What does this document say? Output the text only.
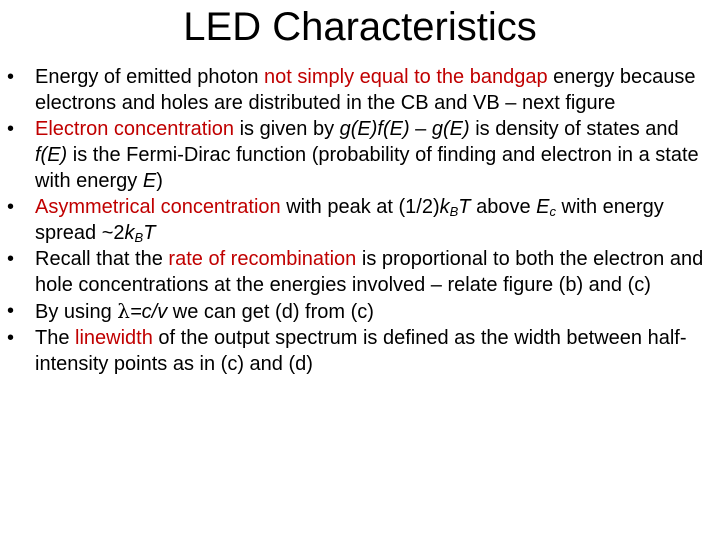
LED Characteristics
• Energy of emitted photon not simply equal to the bandgap energy because electrons and holes are distributed in the CB and VB – next figure
• Electron concentration is given by g(E)f(E) – g(E) is density of states and f(E) is the Fermi-Dirac function (probability of finding and electron in a state with energy E)
• Asymmetrical concentration with peak at $(1/2)k_BT$ above $E_c$ with energy spread $\sim 2k_BT$
• Recall that the rate of recombination is proportional to both the electron and hole concentrations at the energies involved – relate figure (b) and (c)
• By using λ=c/v we can get (d) from (c)
• The linewidth of the output spectrum is defined as the width between half-intensity points as in (c) and (d)
